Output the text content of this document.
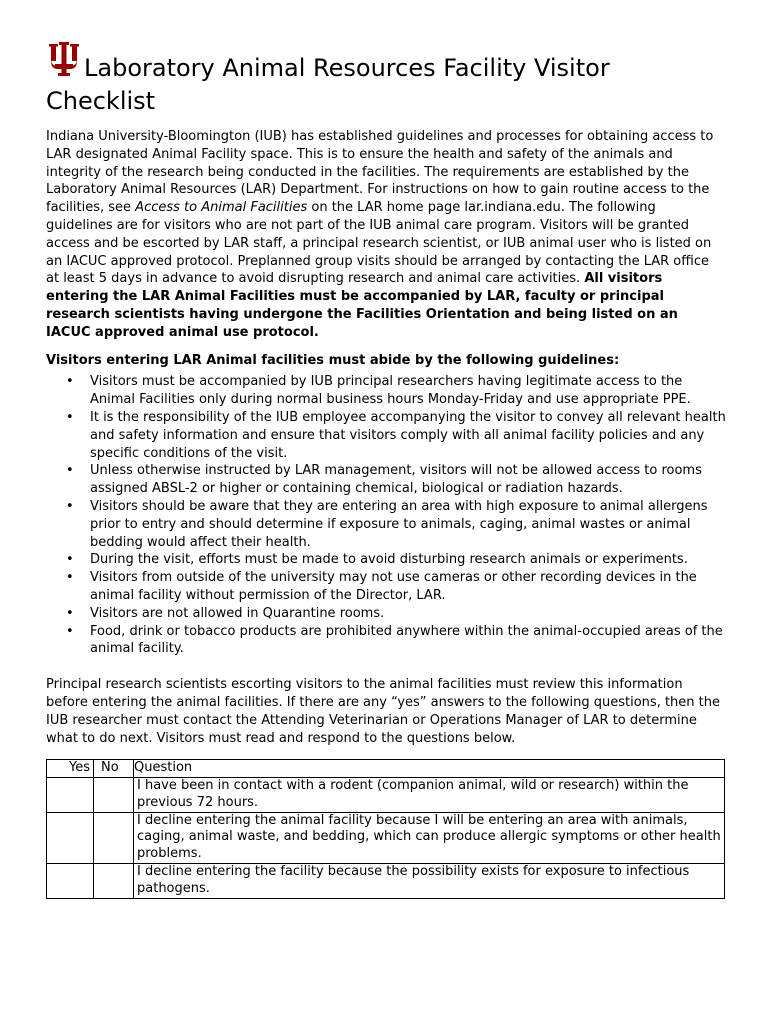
Laboratory Animal Resources Facility Visitor Checklist

Indiana University-Bloomington (IUB) has established guidelines and processes for obtaining access to LAR designated Animal Facility space. This is to ensure the health and safety of the animals and integrity of the research being conducted in the facilities. The requirements are established by the Laboratory Animal Resources (LAR) Department. For instructions on how to gain routine access to the facilities, see Access to Animal Facilities on the LAR home page lar.indiana.edu. The following guidelines are for visitors who are not part of the IUB animal care program. Visitors will be granted access and be escorted by LAR staff, a principal research scientist, or IUB animal user who is listed on an IACUC approved protocol. Preplanned group visits should be arranged by contacting the LAR office at least 5 days in advance to avoid disrupting research and animal care activities. All visitors entering the LAR Animal Facilities must be accompanied by LAR, faculty or principal research scientists having undergone the Facilities Orientation and being listed on an IACUC approved animal use protocol.

Visitors entering LAR Animal facilities must abide by the following guidelines:

• Visitors must be accompanied by IUB principal researchers having legitimate access to the Animal Facilities only during normal business hours Monday-Friday and use appropriate PPE.
• It is the responsibility of the IUB employee accompanying the visitor to convey all relevant health and safety information and ensure that visitors comply with all animal facility policies and any specific conditions of the visit.
• Unless otherwise instructed by LAR management, visitors will not be allowed access to rooms assigned ABSL-2 or higher or containing chemical, biological or radiation hazards.
• Visitors should be aware that they are entering an area with high exposure to animal allergens prior to entry and should determine if exposure to animals, caging, animal wastes or animal bedding would affect their health.
• During the visit, efforts must be made to avoid disturbing research animals or experiments.
• Visitors from outside of the university may not use cameras or other recording devices in the animal facility without permission of the Director, LAR.
• Visitors are not allowed in Quarantine rooms.
• Food, drink or tobacco products are prohibited anywhere within the animal-occupied areas of the animal facility.

Principal research scientists escorting visitors to the animal facilities must review this information before entering the animal facilities. If there are any “yes” answers to the following questions, then the IUB researcher must contact the Attending Veterinarian or Operations Manager of LAR to determine what to do next. Visitors must read and respond to the questions below.

Yes	No	Question
		I have been in contact with a rodent (companion animal, wild or research) within the previous 72 hours.
		I decline entering the animal facility because I will be entering an area with animals, caging, animal waste, and bedding, which can produce allergic symptoms or other health problems.
		I decline entering the facility because the possibility exists for exposure to infectious pathogens.
